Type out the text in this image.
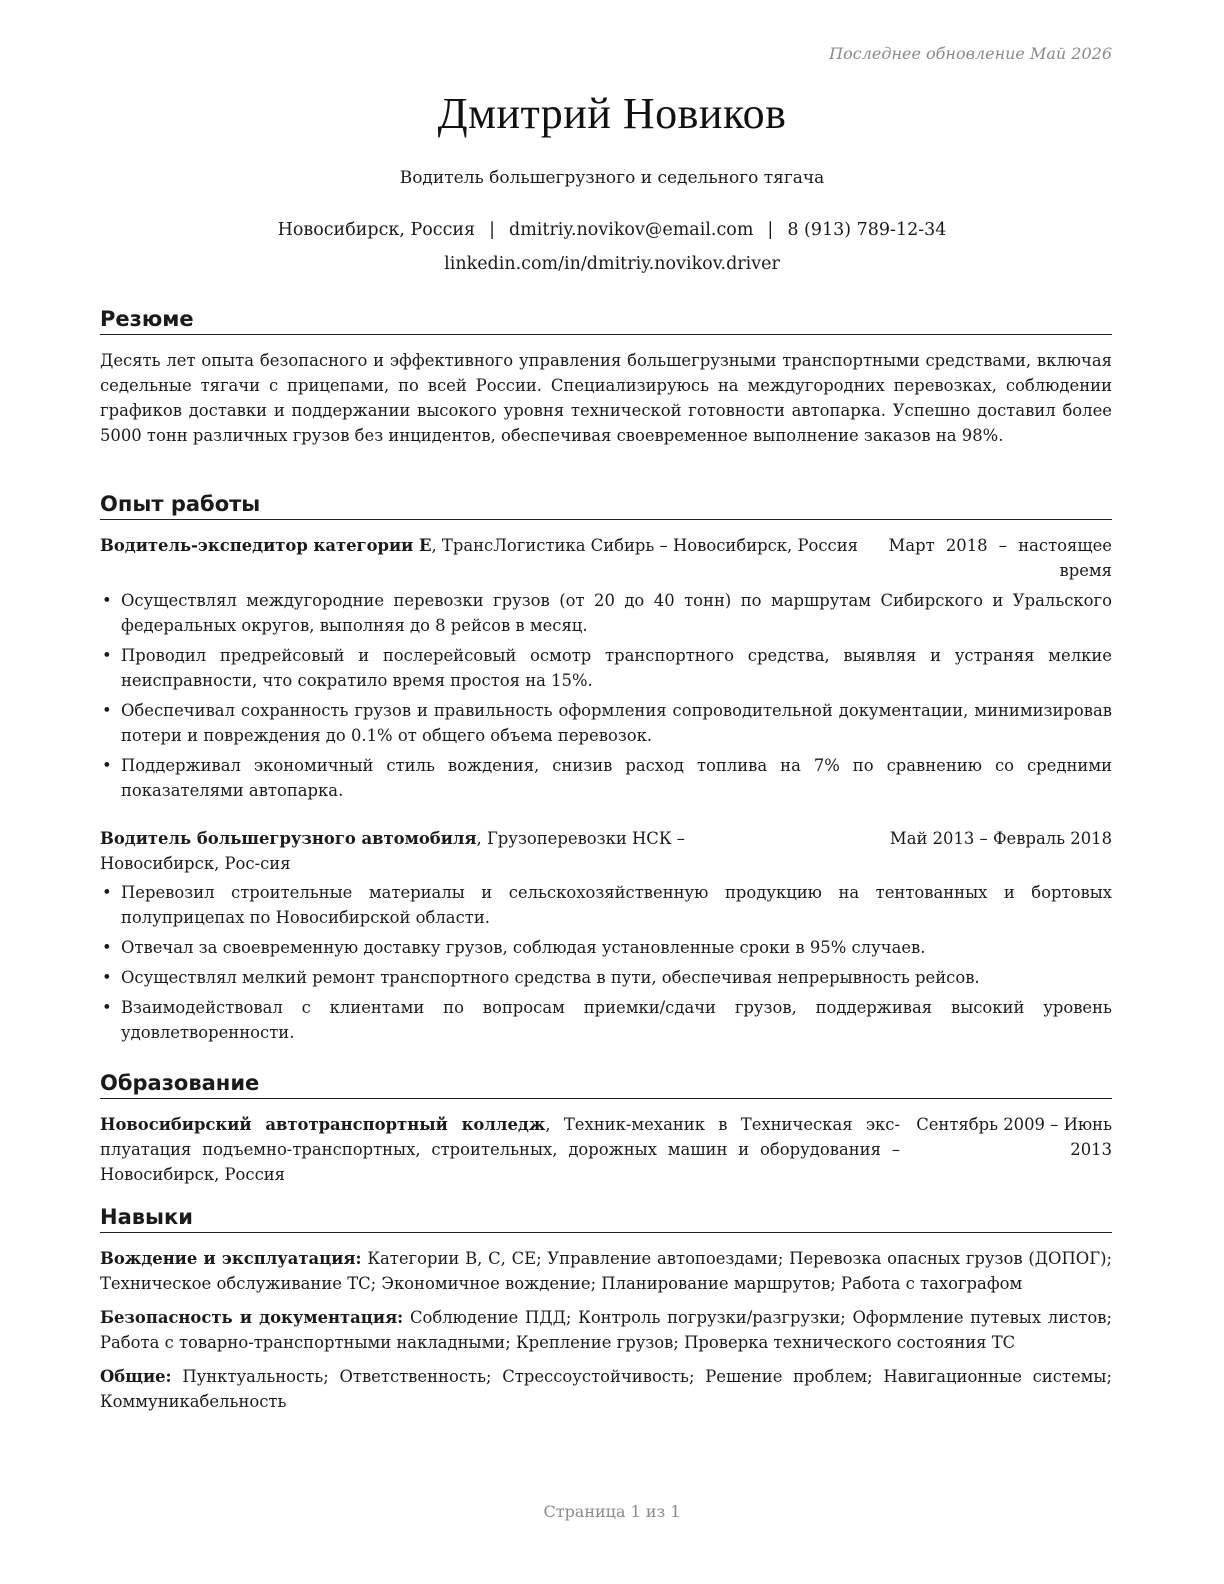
Последнее обновление Май 2026
Дмитрий Новиков
Водитель большегрузного и седельного тягача
Новосибирск, Россия | dmitriy.novikov@email.com | 8 (913) 789-12-34
linkedin.com/in/dmitriy.novikov.driver
Резюме
Десять лет опыта безопасного и эффективного управления большегрузными транспортными средствами, включая седельные тягачи с прицепами, по всей России. Специализируюсь на междугородних перевозках, соблюдении графиков доставки и поддержании высокого уровня технической готовности автопарка. Успешно доставил более 5000 тонн различных грузов без инцидентов, обеспечивая своевременное выполнение заказов на 98%.
Опыт работы
Водитель-экспедитор категории Е, ТрансЛогистика Сибирь – Новосибирск, Россия	Март 2018 – настоящее время
• Осуществлял междугородние перевозки грузов (от 20 до 40 тонн) по маршрутам Сибирского и Уральского федеральных округов, выполняя до 8 рейсов в месяц.
• Проводил предрейсовый и послерейсовый осмотр транспортного средства, выявляя и устраняя мелкие неисправности, что сократило время простоя на 15%.
• Обеспечивал сохранность грузов и правильность оформления сопроводительной документации, минимизировав потери и повреждения до 0.1% от общего объема перевозок.
• Поддерживал экономичный стиль вождения, снизив расход топлива на 7% по сравнению со средними показателями автопарка.
Водитель большегрузного автомобиля, Грузоперевозки НСК – Новосибирск, Рос-сия
Май 2013 – Февраль 2018
• Перевозил строительные материалы и сельскохозяйственную продукцию на тентованных и бортовых полуприцепах по Новосибирской области.
• Отвечал за своевременную доставку грузов, соблюдая установленные сроки в 95% случаев.
• Осуществлял мелкий ремонт транспортного средства в пути, обеспечивая непрерывность рейсов.
• Взаимодействовал с клиентами по вопросам приемки/сдачи грузов, поддерживая высокий уровень удовлетворенности.
Образование
Новосибирский автотранспортный колледж, Техник-механик в Техническая экс-плуатация подъемно-транспортных, строительных, дорожных машин и оборудования – Новосибирск, Россия
Сентябрь 2009 – Июнь 2013
Навыки
Вождение и эксплуатация: Категории В, С, СЕ; Управление автопоездами; Перевозка опасных грузов (ДОПОГ); Техническое обслуживание ТС; Экономичное вождение; Планирование маршрутов; Работа с тахографом
Безопасность и документация: Соблюдение ПДД; Контроль погрузки/разгрузки; Оформление путевых листов; Работа с товарно-транспортными накладными; Крепление грузов; Проверка технического состояния ТС
Общие: Пунктуальность; Ответственность; Стрессоустойчивость; Решение проблем; Навигационные системы; Коммуникабельность
Страница 1 из 1
